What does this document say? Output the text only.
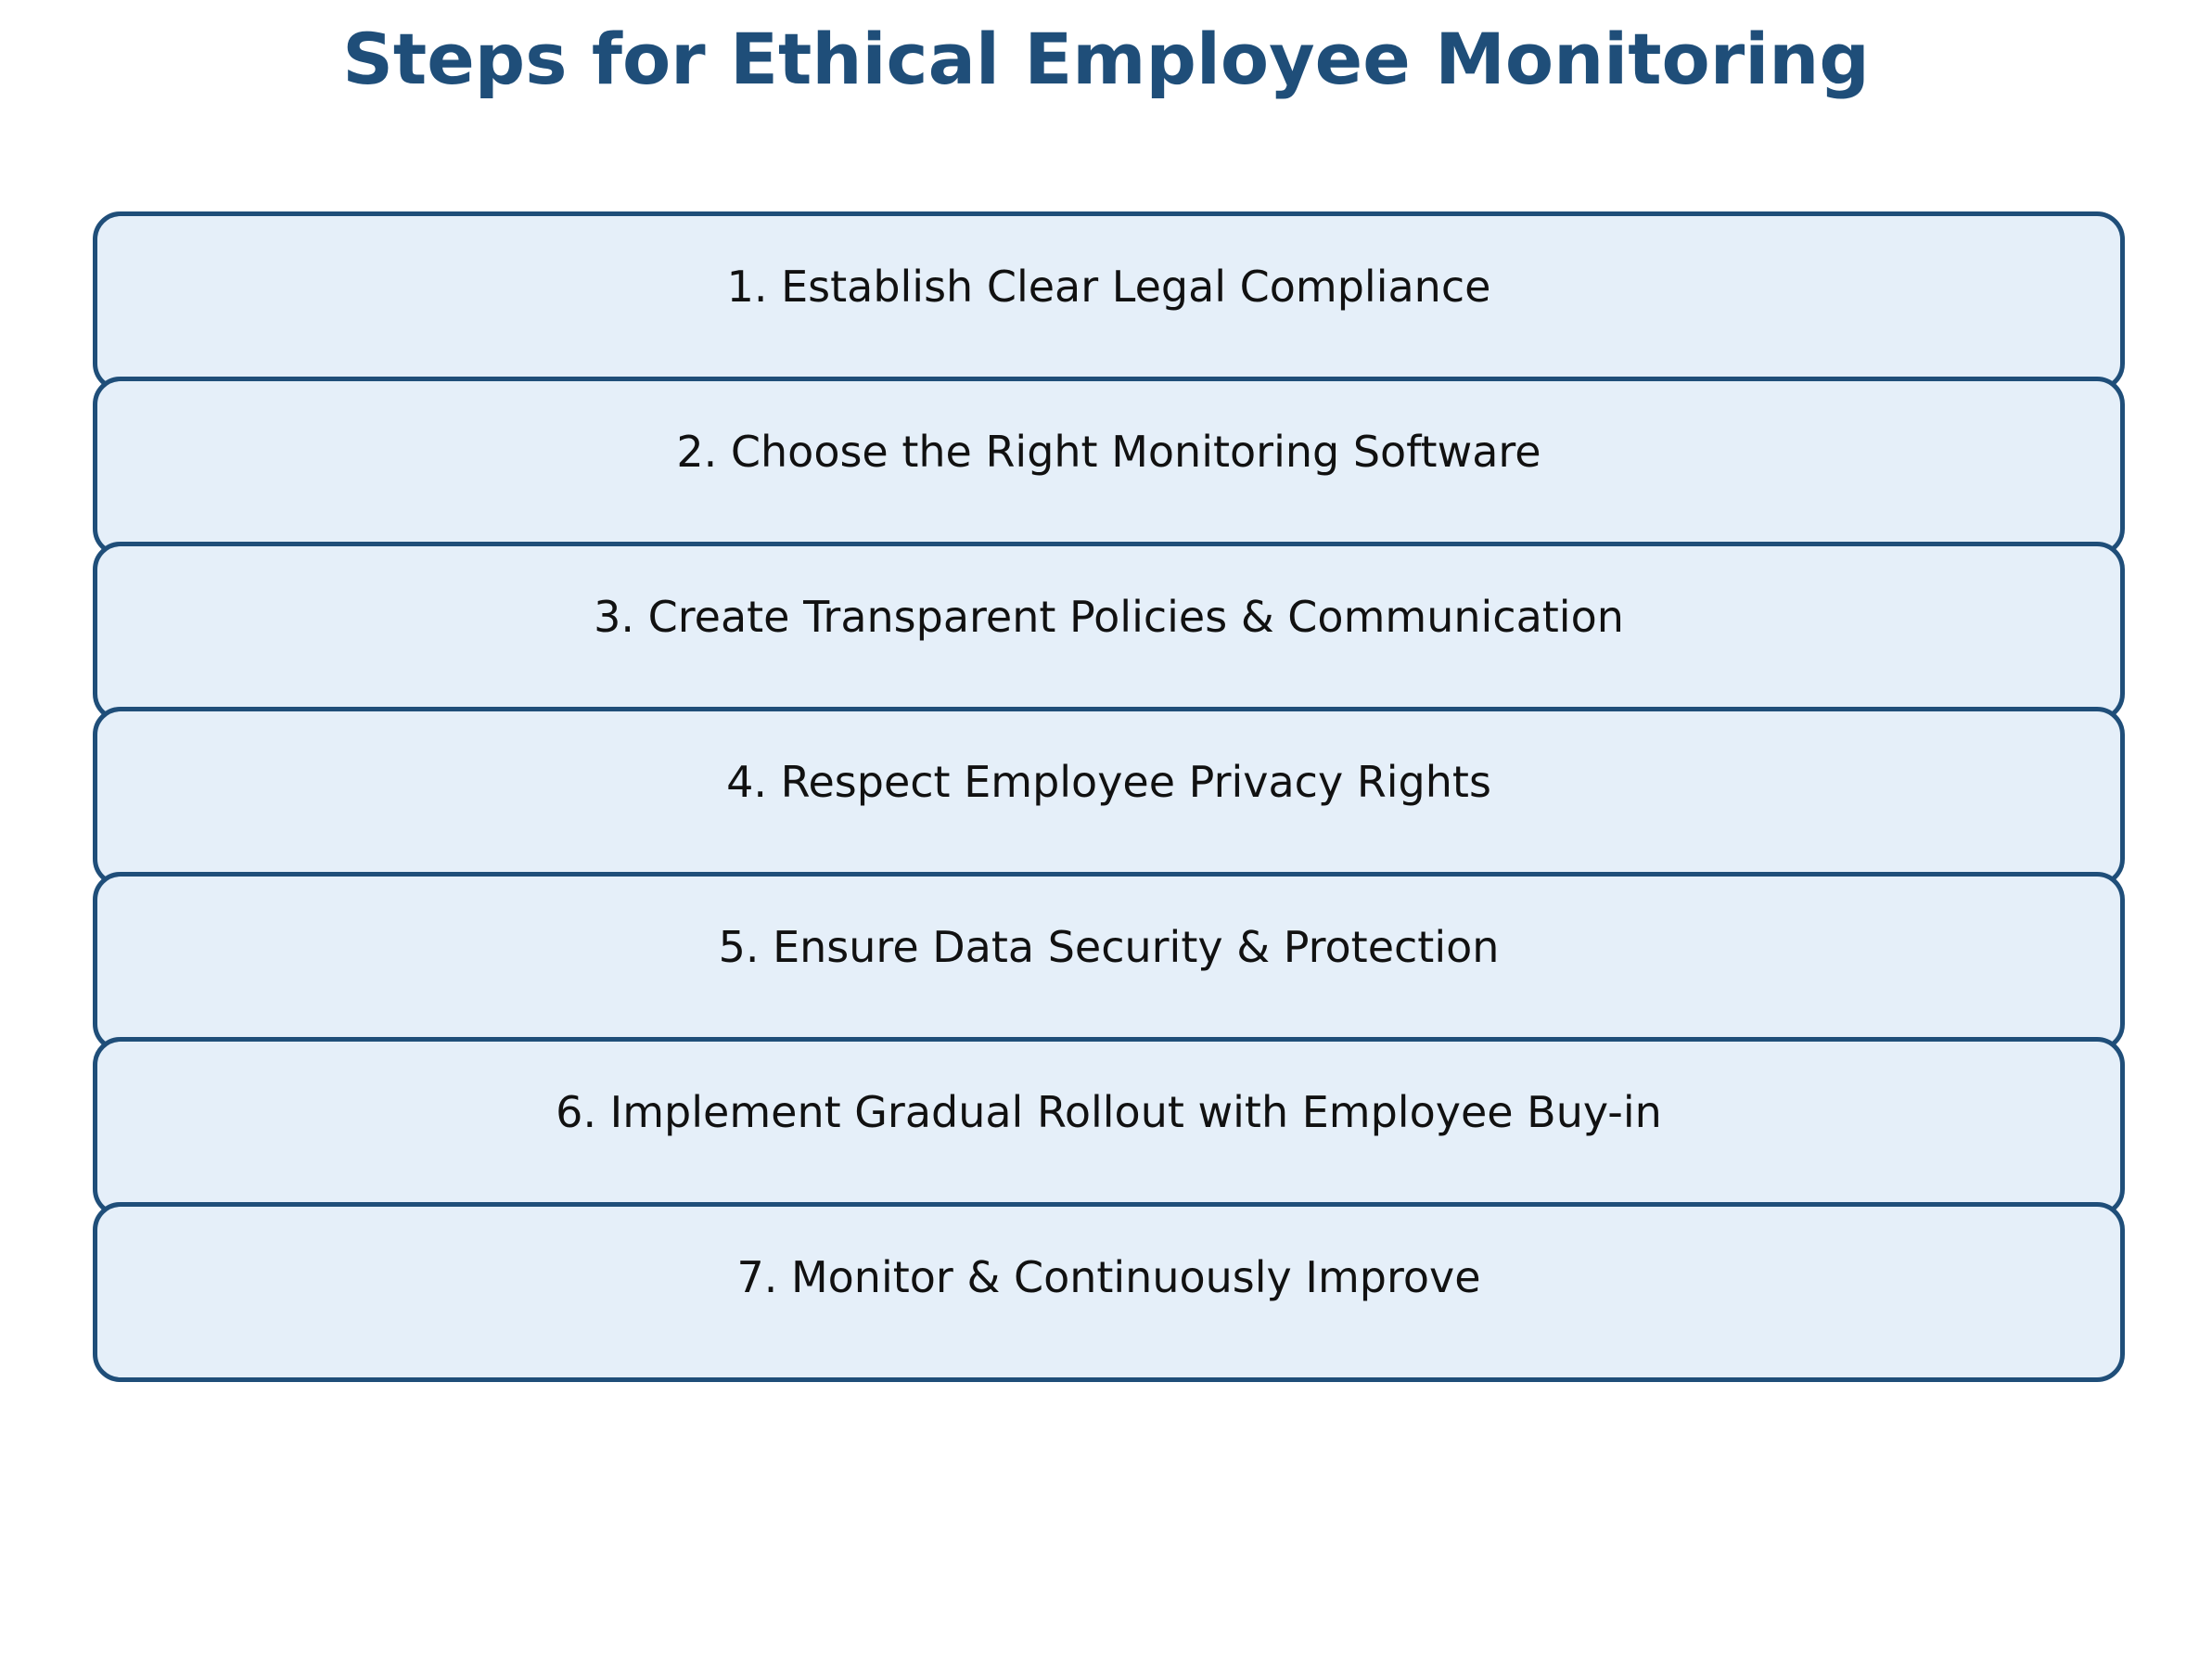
Steps for Ethical Employee Monitoring
1. Establish Clear Legal Compliance
2. Choose the Right Monitoring Software
3. Create Transparent Policies & Communication
4. Respect Employee Privacy Rights
5. Ensure Data Security & Protection
6. Implement Gradual Rollout with Employee Buy-in
7. Monitor & Continuously Improve
